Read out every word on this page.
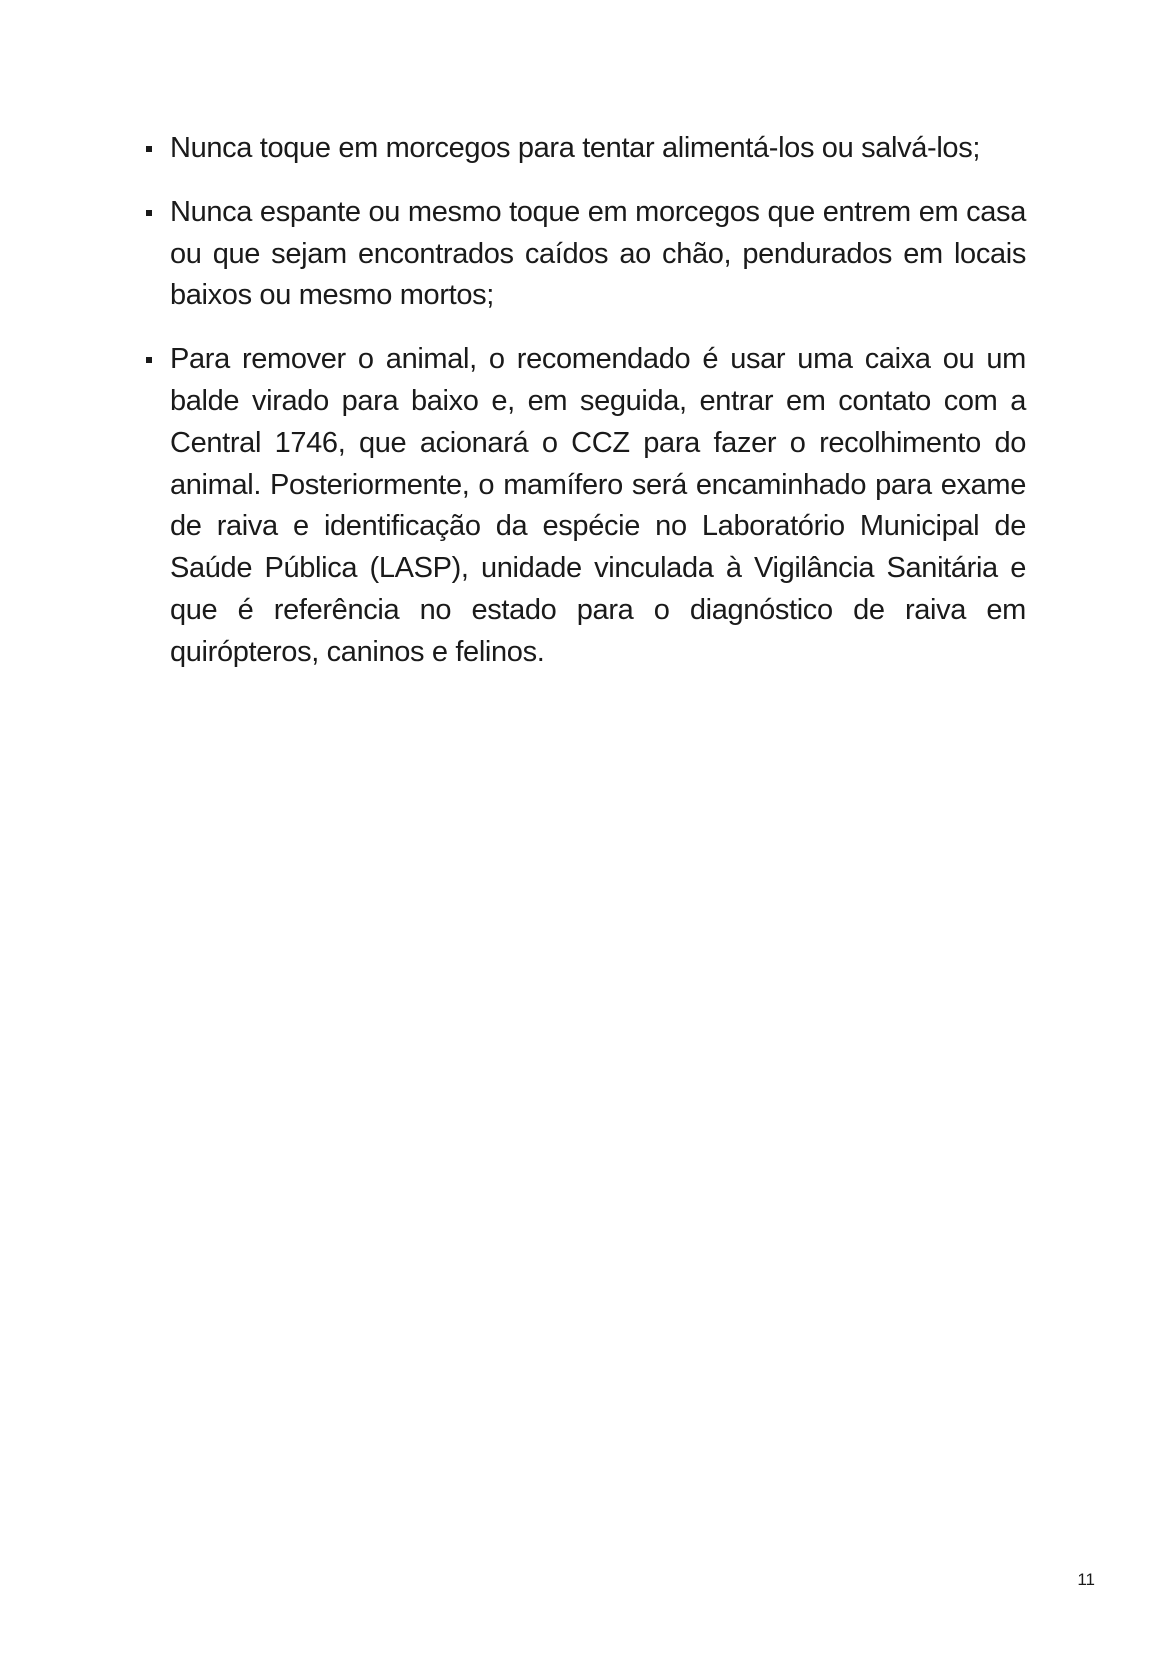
Nunca toque em morcegos para tentar alimentá-los ou salvá-los;
Nunca espante ou mesmo toque em morcegos que entrem em casa ou que sejam encontrados caídos ao chão, pendurados em locais baixos ou mesmo mortos;
Para remover o animal, o recomendado é usar uma caixa ou um balde virado para baixo e, em seguida, entrar em contato com a Central 1746, que acionará o CCZ para fazer o recolhimento do animal. Posteriormente, o mamífero será encaminhado para exame de raiva e identificação da espécie no Laboratório Municipal de Saúde Pública (LASP), unidade vinculada à Vigilância Sanitária e que é referência no estado para o diagnóstico de raiva em quirópteros, caninos e felinos.
11
